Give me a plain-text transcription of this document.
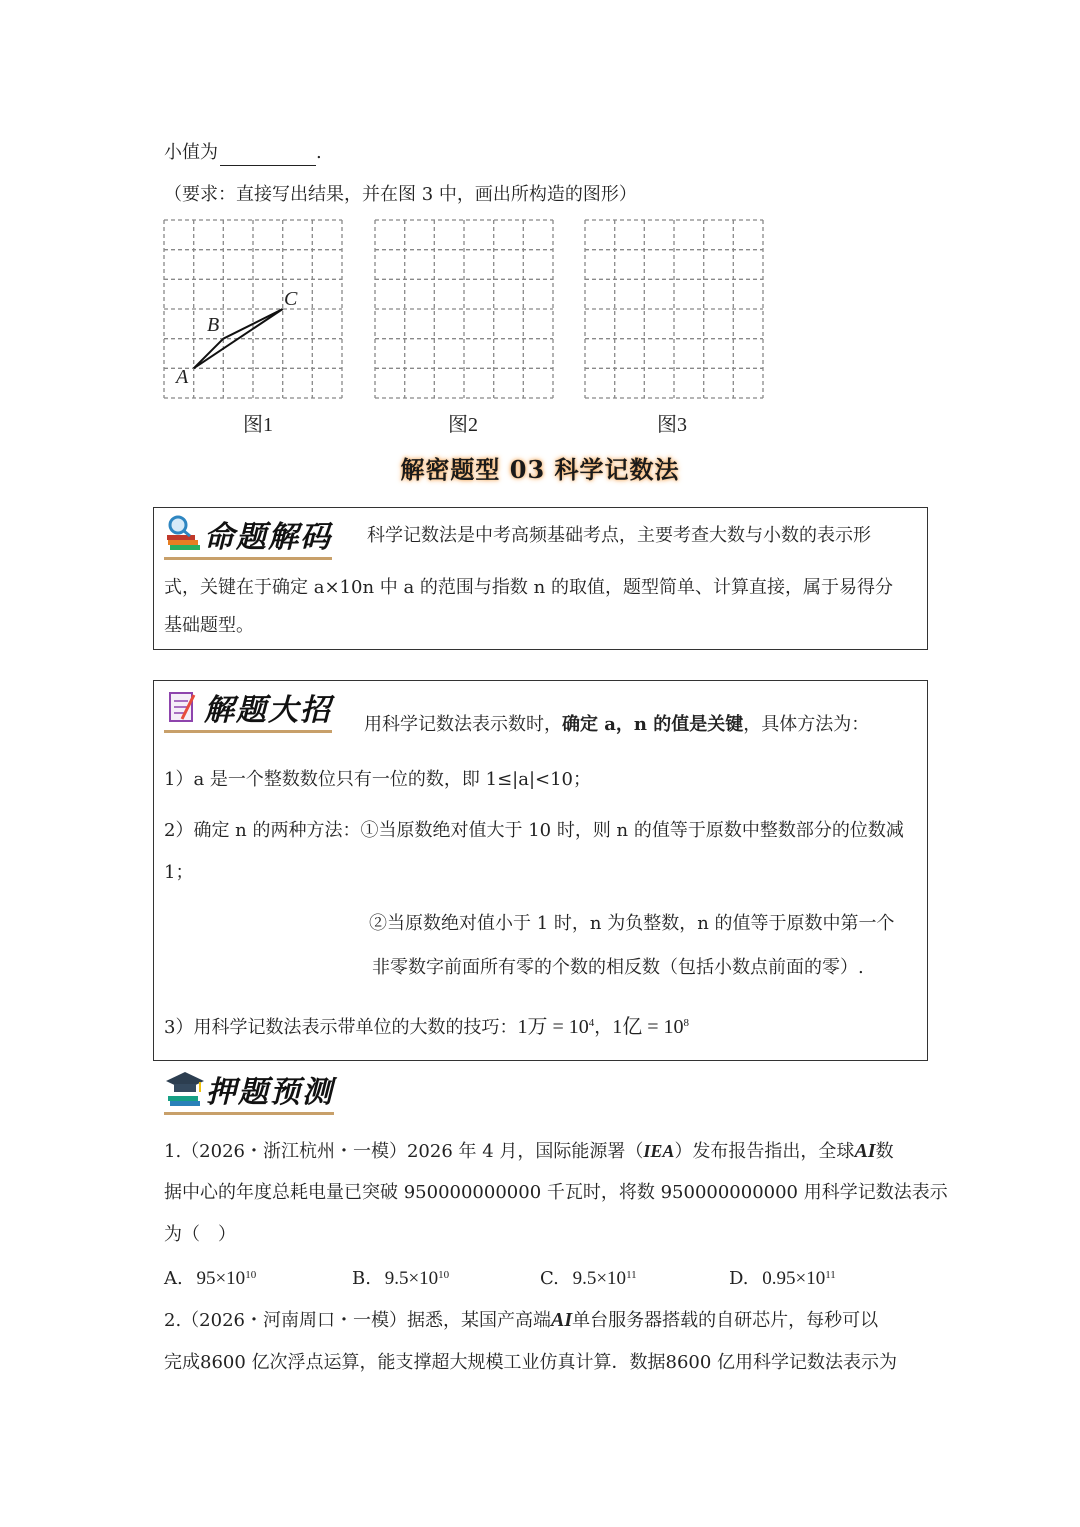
小值为	.
（要求：直接写出结果，并在图 3 中，画出所构造的图形）
A
B
C
图1	图2	图3
解密题型 03 科学记数法
命题解码 科学记数法是中考高频基础考点，主要考查大数与小数的表示形
式，关键在于确定 a×10n 中 a 的范围与指数 n 的取值，题型简单、计算直接，属于易得分
基础题型。
解题大招 用科学记数法表示数时，确定 a，n 的值是关键，具体方法为：
1）a 是一个整数数位只有一位的数，即 1≤|a|<10；
2）确定 n 的两种方法：①当原数绝对值大于 10 时，则 n 的值等于原数中整数部分的位数减
1；
②当原数绝对值小于 1 时，n 为负整数，n 的值等于原数中第一个
非零数字前面所有零的个数的相反数（包括小数点前面的零）.
3）用科学记数法表示带单位的大数的技巧：1万 = $10^4$，1亿 = $10^8$
押题预测
1.（2026・浙江杭州・一模）2026 年 4 月，国际能源署（IEA）发布报告指出，全球AI数
据中心的年度总耗电量已突破 950000000000 千瓦时，将数 950000000000 用科学记数法表示
为（　）
A. $95\times 10^{10}$	B. $9.5\times 10^{10}$	C. $9.5\times 10^{11}$	D. $0.95\times 10^{11}$
2.（2026・河南周口・一模）据悉，某国产高端AI单台服务器搭载的自研芯片，每秒可以
完成8600 亿次浮点运算，能支撑超大规模工业仿真计算．数据8600 亿用科学记数法表示为
